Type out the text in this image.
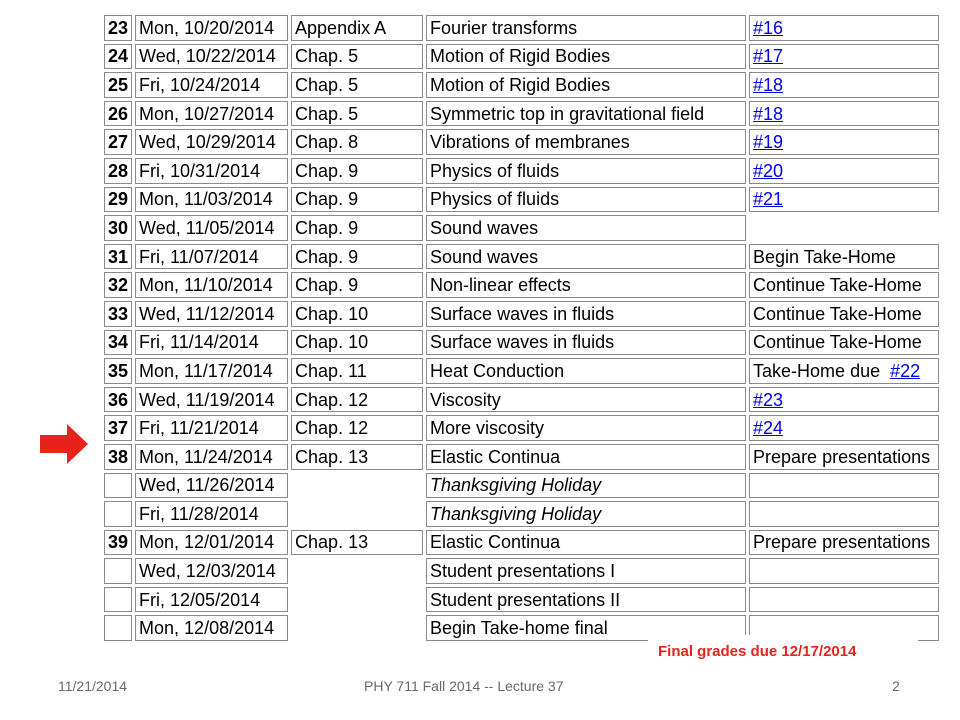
23	Mon, 10/20/2014	Appendix A	Fourier transforms	#16
24	Wed, 10/22/2014	Chap. 5	Motion of Rigid Bodies	#17
25	Fri, 10/24/2014	Chap. 5	Motion of Rigid Bodies	#18
26	Mon, 10/27/2014	Chap. 5	Symmetric top in gravitational field	#18
27	Wed, 10/29/2014	Chap. 8	Vibrations of membranes	#19
28	Fri, 10/31/2014	Chap. 9	Physics of fluids	#20
29	Mon, 11/03/2014	Chap. 9	Physics of fluids	#21
30	Wed, 11/05/2014	Chap. 9	Sound waves	
31	Fri, 11/07/2014	Chap. 9	Sound waves	Begin Take-Home
32	Mon, 11/10/2014	Chap. 9	Non-linear effects	Continue Take-Home
33	Wed, 11/12/2014	Chap. 10	Surface waves in fluids	Continue Take-Home
34	Fri, 11/14/2014	Chap. 10	Surface waves in fluids	Continue Take-Home
35	Mon, 11/17/2014	Chap. 11	Heat Conduction	Take-Home due #22
36	Wed, 11/19/2014	Chap. 12	Viscosity	#23
37	Fri, 11/21/2014	Chap. 12	More viscosity	#24
38	Mon, 11/24/2014	Chap. 13	Elastic Continua	Prepare presentations
	Wed, 11/26/2014		Thanksgiving Holiday	
	Fri, 11/28/2014		Thanksgiving Holiday	
39	Mon, 12/01/2014	Chap. 13	Elastic Continua	Prepare presentations
	Wed, 12/03/2014		Student presentations I	
	Fri, 12/05/2014		Student presentations II	
	Mon, 12/08/2014		Begin Take-home final	
Final grades due 12/17/2014
11/21/2014	PHY 711 Fall 2014 -- Lecture 37	2
